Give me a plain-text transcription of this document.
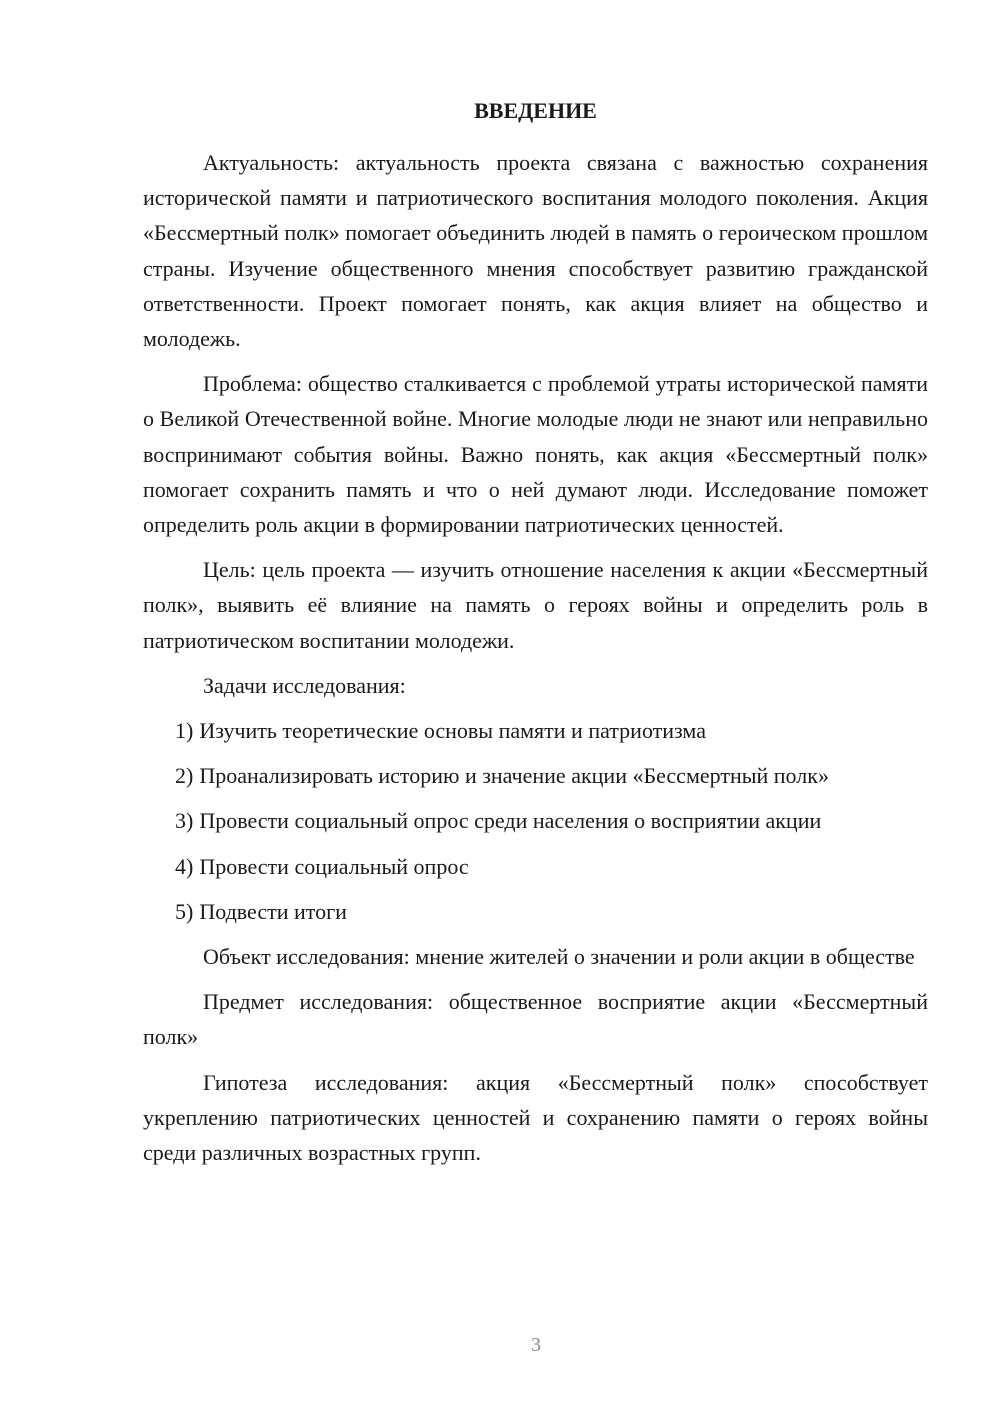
ВВЕДЕНИЕ

Актуальность: актуальность проекта связана с важностью сохранения исторической памяти и патриотического воспитания молодого поколения. Акция «Бессмертный полк» помогает объединить людей в память о героическом прошлом страны. Изучение общественного мнения способствует развитию гражданской ответственности. Проект помогает понять, как акция влияет на общество и молодежь.

Проблема: общество сталкивается с проблемой утраты исторической памяти о Великой Отечественной войне. Многие молодые люди не знают или неправильно воспринимают события войны. Важно понять, как акция «Бессмертный полк» помогает сохранить память и что о ней думают люди. Исследование поможет определить роль акции в формировании патриотических ценностей.

Цель: цель проекта — изучить отношение населения к акции «Бессмертный полк», выявить её влияние на память о героях войны и определить роль в патриотическом воспитании молодежи.

Задачи исследования:

1) Изучить теоретические основы памяти и патриотизма
2) Проанализировать историю и значение акции «Бессмертный полк»
3) Провести социальный опрос среди населения о восприятии акции
4) Провести социальный опрос
5) Подвести итоги

Объект исследования: мнение жителей о значении и роли акции в обществе

Предмет исследования: общественное восприятие акции «Бессмертный полк»

Гипотеза исследования: акция «Бессмертный полк» способствует укреплению патриотических ценностей и сохранению памяти о героях войны среди различных возрастных групп.

3
